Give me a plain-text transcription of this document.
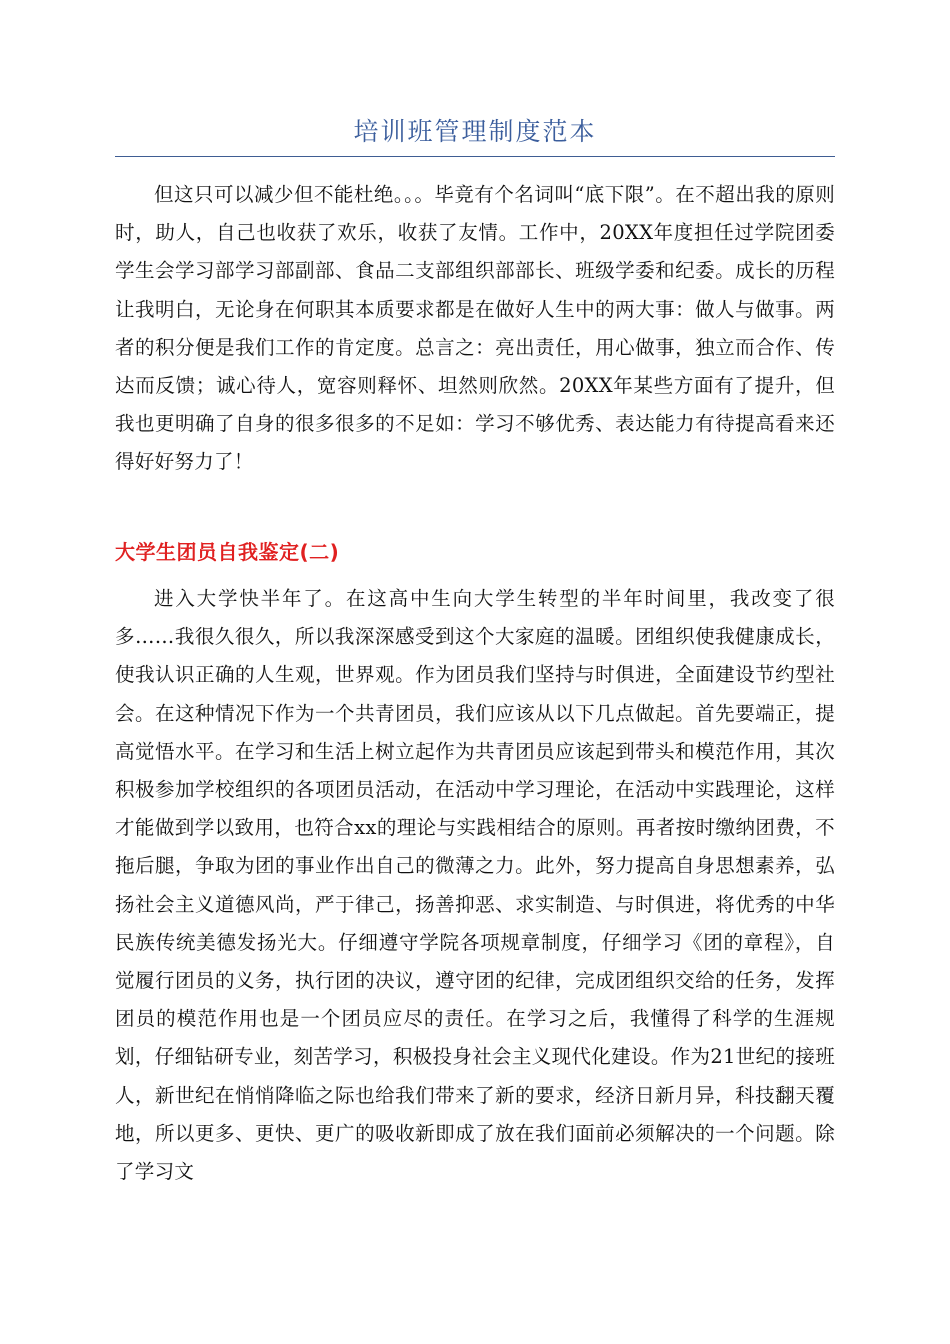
培训班管理制度范本

但这只可以减少但不能杜绝。。。毕竟有个名词叫“底下限”。在不超出我的原则时，助人，自己也收获了欢乐，收获了友情。工作中，20XX年度担任过学院团委学生会学习部学习部副部、食品二支部组织部部长、班级学委和纪委。成长的历程让我明白，无论身在何职其本质要求都是在做好人生中的两大事：做人与做事。两者的积分便是我们工作的肯定度。总言之：亮出责任，用心做事，独立而合作、传达而反馈；诚心待人，宽容则释怀、坦然则欣然。20XX年某些方面有了提升，但我也更明确了自身的很多很多的不足如：学习不够优秀、表达能力有待提高看来还得好好努力了！

大学生团员自我鉴定(二)

进入大学快半年了。在这高中生向大学生转型的半年时间里，我改变了很多……我很久很久，所以我深深感受到这个大家庭的温暖。团组织使我健康成长，使我认识正确的人生观，世界观。作为团员我们坚持与时俱进，全面建设节约型社会。在这种情况下作为一个共青团员，我们应该从以下几点做起。首先要端正，提高觉悟水平。在学习和生活上树立起作为共青团员应该起到带头和模范作用，其次积极参加学校组织的各项团员活动，在活动中学习理论，在活动中实践理论，这样才能做到学以致用，也符合xx的理论与实践相结合的原则。再者按时缴纳团费，不拖后腿，争取为团的事业作出自己的微薄之力。此外，努力提高自身思想素养，弘扬社会主义道德风尚，严于律己，扬善抑恶、求实制造、与时俱进，将优秀的中华民族传统美德发扬光大。仔细遵守学院各项规章制度，仔细学习《团的章程》，自觉履行团员的义务，执行团的决议，遵守团的纪律，完成团组织交给的任务，发挥团员的模范作用也是一个团员应尽的责任。在学习之后，我懂得了科学的生涯规划，仔细钻研专业，刻苦学习，积极投身社会主义现代化建设。作为21世纪的接班人，新世纪在悄悄降临之际也给我们带来了新的要求，经济日新月异，科技翻天覆地，所以更多、更快、更广的吸收新即成了放在我们面前必须解决的一个问题。除了学习文
